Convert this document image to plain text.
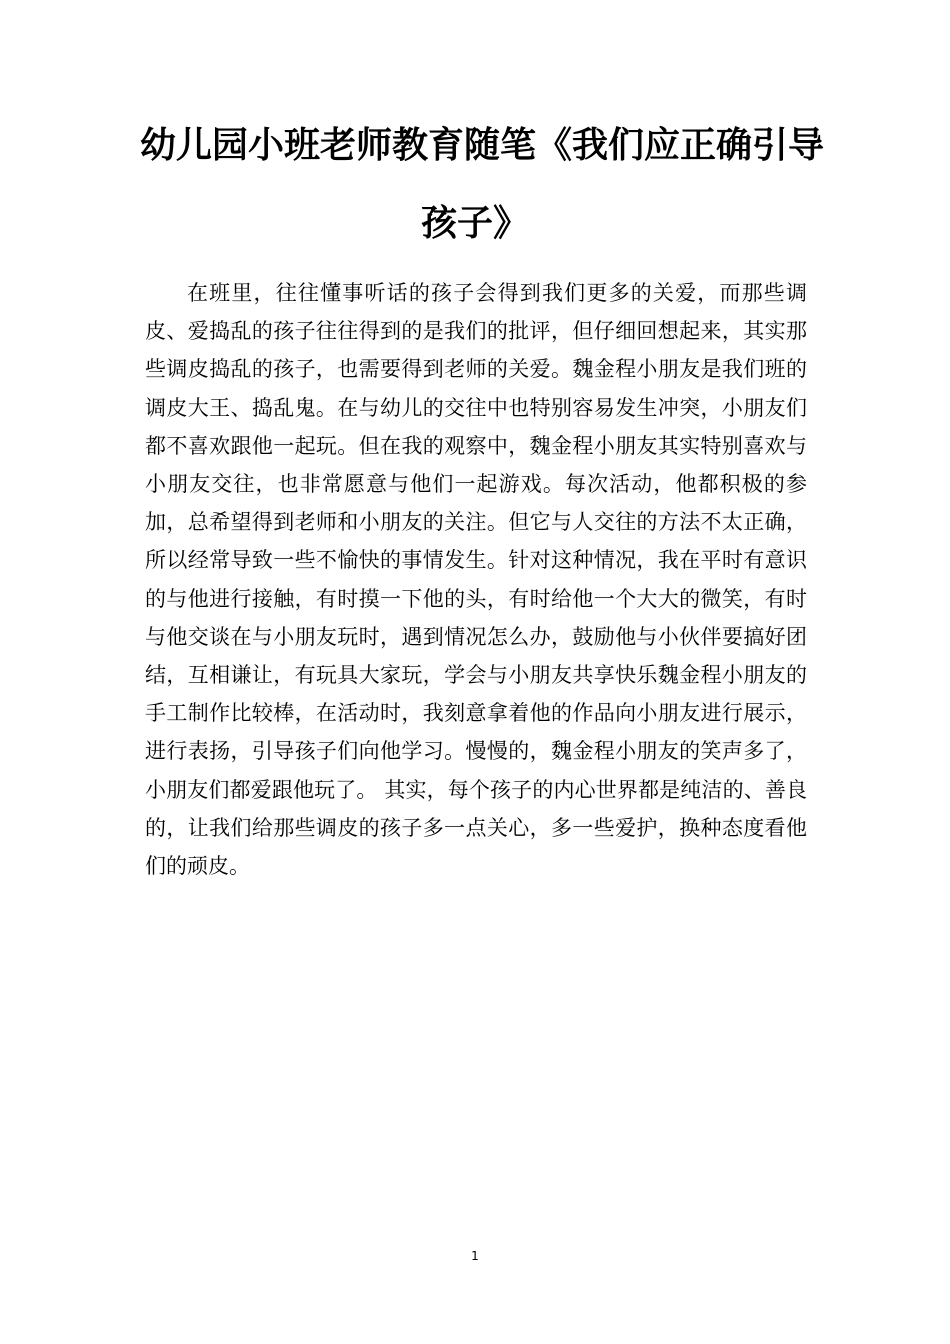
幼儿园小班老师教育随笔《我们应正确引导
孩子》

在班里，往往懂事听话的孩子会得到我们更多的关爱，而那些调皮、爱捣乱的孩子往往得到的是我们的批评，但仔细回想起来，其实那些调皮捣乱的孩子，也需要得到老师的关爱。魏金程小朋友是我们班的调皮大王、捣乱鬼。在与幼儿的交往中也特别容易发生冲突，小朋友们都不喜欢跟他一起玩。但在我的观察中，魏金程小朋友其实特别喜欢与小朋友交往，也非常愿意与他们一起游戏。每次活动，他都积极的参加，总希望得到老师和小朋友的关注。但它与人交往的方法不太正确，所以经常导致一些不愉快的事情发生。针对这种情况，我在平时有意识的与他进行接触，有时摸一下他的头，有时给他一个大大的微笑，有时与他交谈在与小朋友玩时，遇到情况怎么办，鼓励他与小伙伴要搞好团结，互相谦让，有玩具大家玩，学会与小朋友共享快乐魏金程小朋友的手工制作比较棒，在活动时，我刻意拿着他的作品向小朋友进行展示，进行表扬，引导孩子们向他学习。慢慢的，魏金程小朋友的笑声多了，小朋友们都爱跟他玩了。 其实，每个孩子的内心世界都是纯洁的、善良的，让我们给那些调皮的孩子多一点关心，多一些爱护，换种态度看他们的顽皮。

1
